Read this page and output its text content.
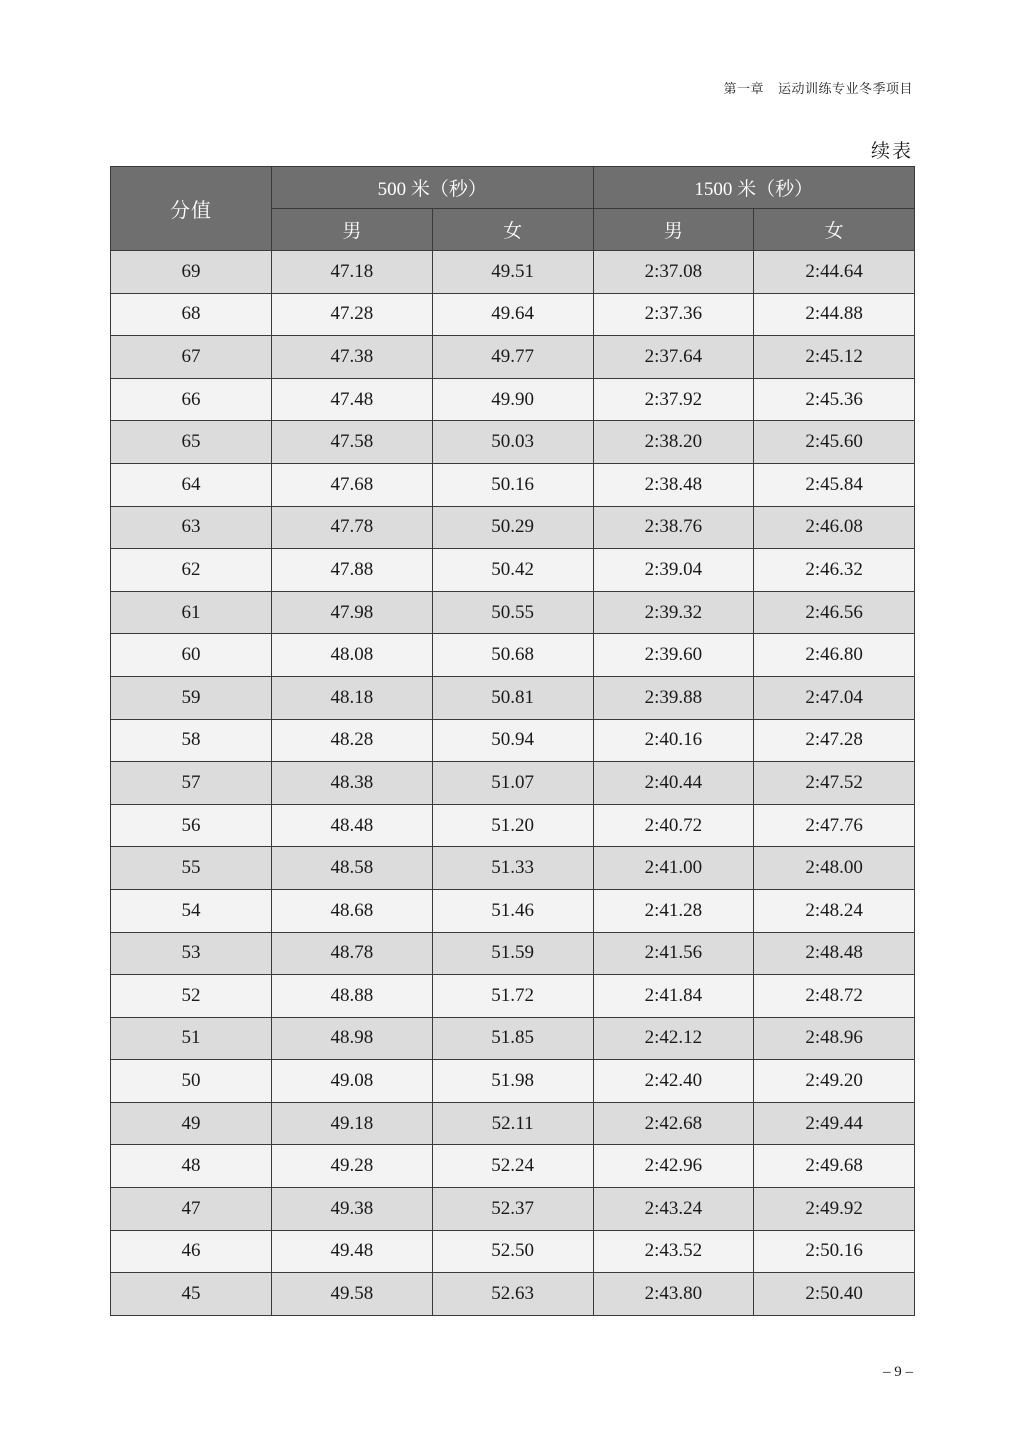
第一章 运动训练专业冬季项目
续表
分值	500 米（秒）		1500 米（秒）	
	男	女	男	女
69	47.18	49.51	2:37.08	2:44.64
68	47.28	49.64	2:37.36	2:44.88
67	47.38	49.77	2:37.64	2:45.12
66	47.48	49.90	2:37.92	2:45.36
65	47.58	50.03	2:38.20	2:45.60
64	47.68	50.16	2:38.48	2:45.84
63	47.78	50.29	2:38.76	2:46.08
62	47.88	50.42	2:39.04	2:46.32
61	47.98	50.55	2:39.32	2:46.56
60	48.08	50.68	2:39.60	2:46.80
59	48.18	50.81	2:39.88	2:47.04
58	48.28	50.94	2:40.16	2:47.28
57	48.38	51.07	2:40.44	2:47.52
56	48.48	51.20	2:40.72	2:47.76
55	48.58	51.33	2:41.00	2:48.00
54	48.68	51.46	2:41.28	2:48.24
53	48.78	51.59	2:41.56	2:48.48
52	48.88	51.72	2:41.84	2:48.72
51	48.98	51.85	2:42.12	2:48.96
50	49.08	51.98	2:42.40	2:49.20
49	49.18	52.11	2:42.68	2:49.44
48	49.28	52.24	2:42.96	2:49.68
47	49.38	52.37	2:43.24	2:49.92
46	49.48	52.50	2:43.52	2:50.16
45	49.58	52.63	2:43.80	2:50.40
– 9 –
